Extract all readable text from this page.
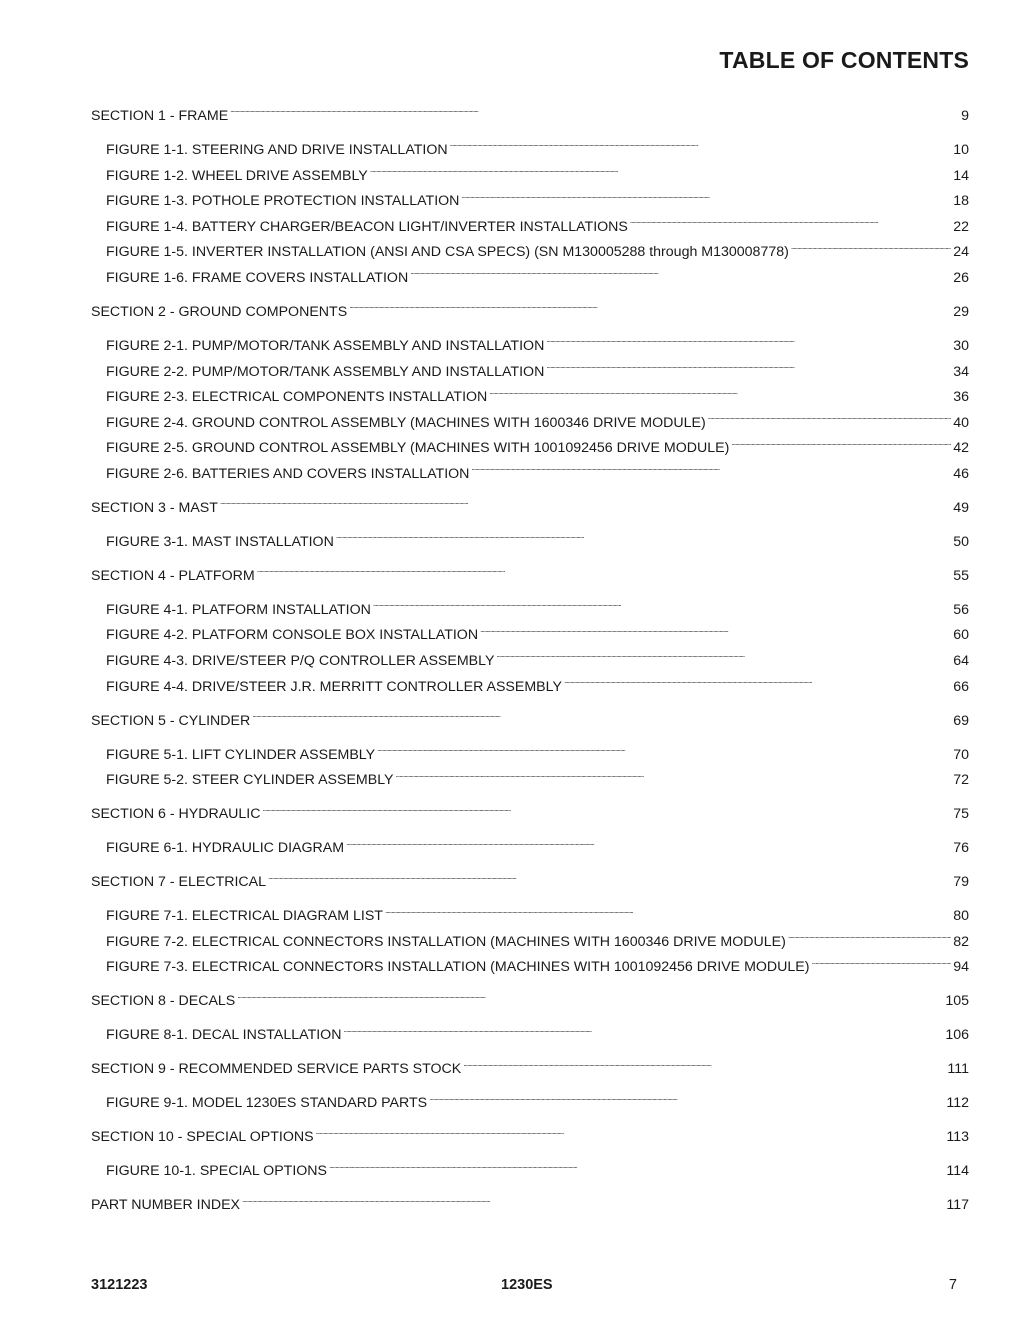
TABLE OF CONTENTS
SECTION 1 - FRAME . . .	9
FIGURE 1-1. STEERING AND DRIVE INSTALLATION . . .	10
FIGURE 1-2. WHEEL DRIVE ASSEMBLY . . .	14
FIGURE 1-3. POTHOLE PROTECTION INSTALLATION . . .	18
FIGURE 1-4. BATTERY CHARGER/BEACON LIGHT/INVERTER INSTALLATIONS . . .	22
FIGURE 1-5. INVERTER INSTALLATION (ANSI AND CSA SPECS) (SN M130005288 through M130008778) . . .	24
FIGURE 1-6. FRAME COVERS INSTALLATION . . .	26
SECTION 2 - GROUND COMPONENTS . . .	29
FIGURE 2-1. PUMP/MOTOR/TANK ASSEMBLY AND INSTALLATION . . .	30
FIGURE 2-2. PUMP/MOTOR/TANK ASSEMBLY AND INSTALLATION . . .	34
FIGURE 2-3. ELECTRICAL COMPONENTS INSTALLATION . . .	36
FIGURE 2-4. GROUND CONTROL ASSEMBLY (MACHINES WITH 1600346 DRIVE MODULE) . . .	40
FIGURE 2-5. GROUND CONTROL ASSEMBLY (MACHINES WITH 1001092456 DRIVE MODULE) . . .	42
FIGURE 2-6. BATTERIES AND COVERS INSTALLATION . . .	46
SECTION 3 - MAST . . .	49
FIGURE 3-1. MAST INSTALLATION . . .	50
SECTION 4 - PLATFORM . . .	55
FIGURE 4-1. PLATFORM INSTALLATION . . .	56
FIGURE 4-2. PLATFORM CONSOLE BOX INSTALLATION . . .	60
FIGURE 4-3. DRIVE/STEER P/Q CONTROLLER ASSEMBLY . . .	64
FIGURE 4-4. DRIVE/STEER J.R. MERRITT CONTROLLER ASSEMBLY . . .	66
SECTION 5 - CYLINDER . . .	69
FIGURE 5-1. LIFT CYLINDER ASSEMBLY . . .	70
FIGURE 5-2. STEER CYLINDER ASSEMBLY . . .	72
SECTION 6 - HYDRAULIC . . .	75
FIGURE 6-1. HYDRAULIC DIAGRAM . . .	76
SECTION 7 - ELECTRICAL . . .	79
FIGURE 7-1. ELECTRICAL DIAGRAM LIST . . .	80
FIGURE 7-2. ELECTRICAL CONNECTORS INSTALLATION (MACHINES WITH 1600346 DRIVE MODULE) . . .	82
FIGURE 7-3. ELECTRICAL CONNECTORS INSTALLATION (MACHINES WITH 1001092456 DRIVE MODULE) . . .	94
SECTION 8 - DECALS . . .	105
FIGURE 8-1. DECAL INSTALLATION . . .	106
SECTION 9 - RECOMMENDED SERVICE PARTS STOCK . . .	111
FIGURE 9-1. MODEL 1230ES STANDARD PARTS . . .	112
SECTION 10 - SPECIAL OPTIONS . . .	113
FIGURE 10-1. SPECIAL OPTIONS . . .	114
PART NUMBER INDEX . . .	117
3121223	1230ES	7
